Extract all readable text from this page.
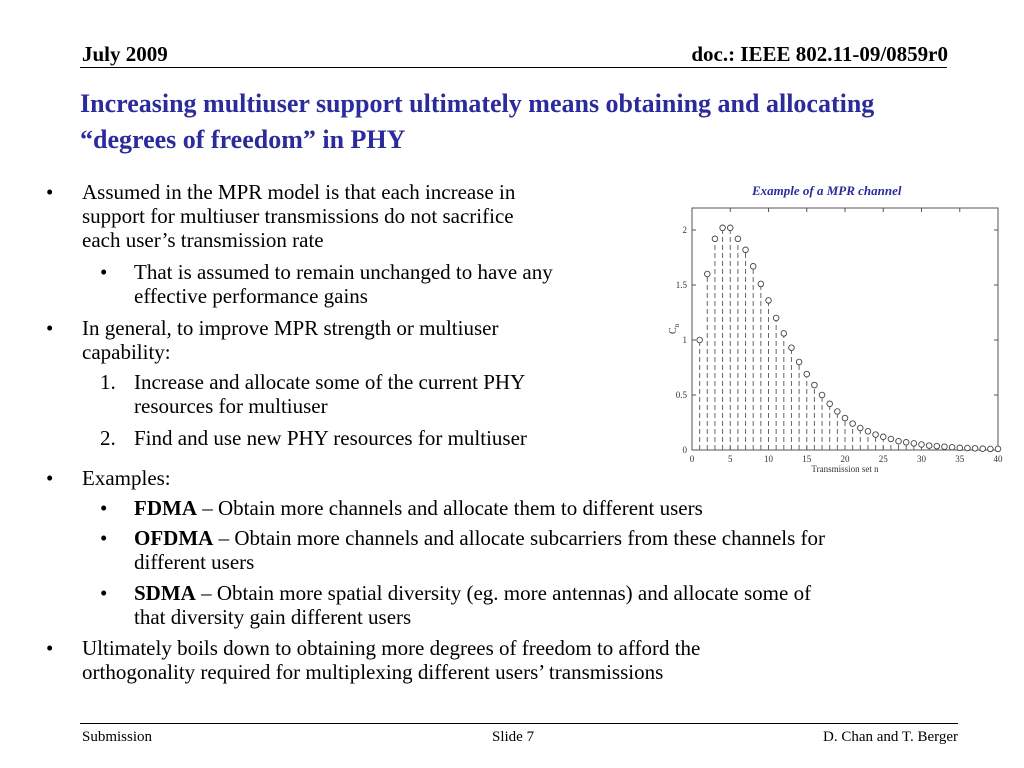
July 2009	doc.: IEEE 802.11-09/0859r0
Increasing multiuser support ultimately means obtaining and allocating “degrees of freedom” in PHY
•	Assumed in the MPR model is that each increase in
support for multiuser transmissions do not sacrifice
each user’s transmission rate
•	That is assumed to remain unchanged to have any
effective performance gains
•	In general, to improve MPR strength or multiuser
capability:
1. Increase and allocate some of the current PHY
resources for multiuser
2. Find and use new PHY resources for multiuser
•	Examples:
•	FDMA – Obtain more channels and allocate them to different users
•	OFDMA – Obtain more channels and allocate subcarriers from these channels for
different users
•	SDMA – Obtain more spatial diversity (eg. more antennas) and allocate some of
that diversity gain different users
•	Ultimately boils down to obtaining more degrees of freedom to afford the
orthogonality required for multiplexing different users’ transmissions
Example of a MPR channel
0	5	10	15	20	25	30	35	40
0
0.5
1
1.5
2
$C_n$
Transmission set n
Submission	Slide 7	D. Chan and T. Berger
